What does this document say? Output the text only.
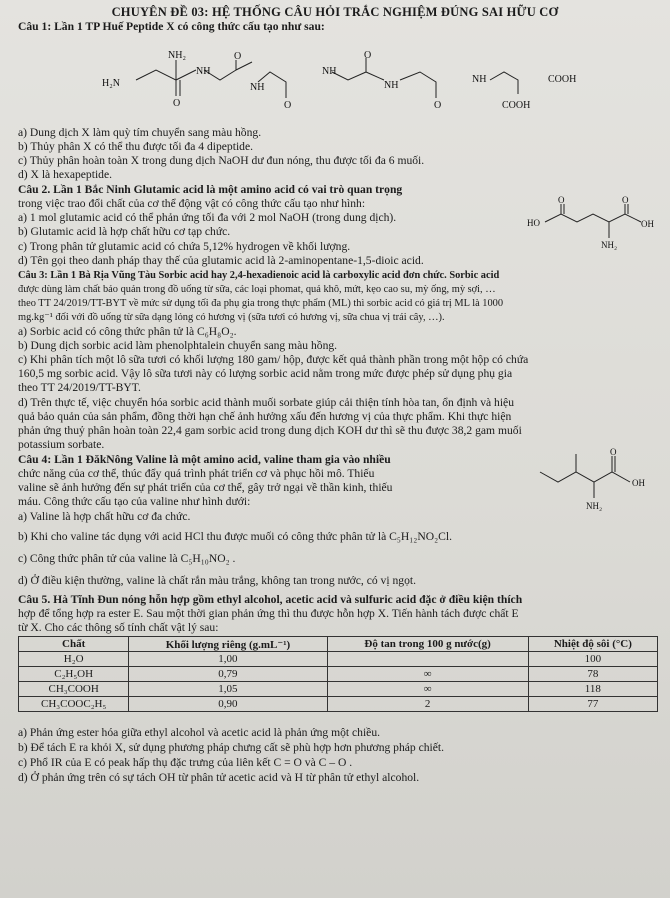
CHUYÊN ĐỀ 03: HỆ THỐNG CÂU HỎI TRẮC NGHIỆM ĐÚNG SAI HỮU CƠ
Câu 1: Lần 1 TP Huế Peptide X có công thức cấu tạo như sau:
H₂N
NH₂
NH
O
O
NH
O
NH
O
NH
O
NH
COOH
COOH
a) Dung dịch X làm quỳ tím chuyển sang màu hồng.
b) Thủy phân X có thể thu được tối đa 4 dipeptide.
c) Thủy phân hoàn toàn X trong dung dịch NaOH dư đun nóng, thu được tối đa 6 muối.
d) X là hexapeptide.
Câu 2. Lần 1 Bắc Ninh Glutamic acid là một amino acid có vai trò quan trọng
trong việc trao đổi chất của cơ thể động vật có công thức cấu tạo như hình:
a) 1 mol glutamic acid có thể phản ứng tối đa với 2 mol NaOH (trong dung dịch).
b) Glutamic acid là hợp chất hữu cơ tạp chức.
c) Trong phân tử glutamic acid có chứa 5,12% hydrogen về khối lượng.
d) Tên gọi theo danh pháp thay thế của glutamic acid là 2-aminopentane-1,5-dioic acid.
HO
O	O
OH
NH₂
Câu 3: Lần 1 Bà Rịa Vũng Tàu Sorbic acid hay 2,4-hexadienoic acid là carboxylic acid đơn chức. Sorbic acid
được dùng làm chất bảo quản trong đồ uống từ sữa, các loại phomat, quả khô, mứt, kẹo cao su, mỳ ống, mỳ sợi, …
theo TT 24/2019/TT-BYT về mức sử dụng tối đa phụ gia trong thực phẩm (ML) thì sorbic acid có giá trị ML là 1000
mg.kg⁻¹ đối với đồ uống từ sữa dạng lỏng có hương vị (sữa tươi có hương vị, sữa chua vị trái cây, …).
a) Sorbic acid có công thức phân tử là C₆H₈O₂.
b) Dung dịch sorbic acid làm phenolphtalein chuyển sang màu hồng.
c) Khi phân tích một lô sữa tươi có khối lượng 180 gam/ hộp, được kết quả thành phần trong một hộp có chứa
160,5 mg sorbic acid. Vậy lô sữa tươi này có lượng sorbic acid nằm trong mức được phép sử dụng phụ gia
theo TT 24/2019/TT-BYT.
d) Trên thực tế, việc chuyển hóa sorbic acid thành muối sorbate giúp cải thiện tính hòa tan, ổn định và hiệu
quả bảo quản của sản phẩm, đồng thời hạn chế ảnh hưởng xấu đến hương vị của thực phẩm. Khi thực hiện
phản ứng thuỷ phân hoàn toàn 22,4 gam sorbic acid trong dung dịch KOH dư thì sẽ thu được 38,2 gam muối
potassium sorbate.
Câu 4: Lần 1 ĐăkNông Valine là một amino acid, valine tham gia vào nhiều
chức năng của cơ thể, thúc đẩy quá trình phát triển cơ và phục hồi mô. Thiếu
valine sẽ ảnh hưởng đến sự phát triển của cơ thể, gây trở ngại về thần kinh, thiếu
máu. Công thức cấu tạo của valine như hình dưới:
a) Valine là hợp chất hữu cơ đa chức.
O
OH
NH₂
b) Khi cho valine tác dụng với acid HCl thu được muối có công thức phân tử là C₅H₁₂NO₂Cl.
c) Công thức phân tử của valine là C₅H₁₀NO₂ .
d) Ở điều kiện thường, valine là chất rắn màu trắng, không tan trong nước, có vị ngọt.
Câu 5. Hà Tĩnh Đun nóng hỗn hợp gồm ethyl alcohol, acetic acid và sulfuric acid đặc ở điều kiện thích
hợp để tổng hợp ra ester E. Sau một thời gian phản ứng thì thu được hỗn hợp X. Tiến hành tách được chất E
từ X. Cho các thông số tính chất vật lý sau:
Chất	Khối lượng riêng (g.mL⁻¹)	Độ tan trong 100 g nước(g)	Nhiệt độ sôi (°C)
H₂O	1,00		100
C₂H₅OH	0,79	∞	78
CH₃COOH	1,05	∞	118
CH₃COOC₂H₅	0,90	2	77
a) Phản ứng ester hóa giữa ethyl alcohol và acetic acid là phản ứng một chiều.
b) Để tách E ra khỏi X, sử dụng phương pháp chưng cất sẽ phù hợp hơn phương pháp chiết.
c) Phổ IR của E có peak hấp thụ đặc trưng của liên kết C = O và C – O .
d) Ở phản ứng trên có sự tách OH từ phân tử acetic acid và H từ phân tử ethyl alcohol.
